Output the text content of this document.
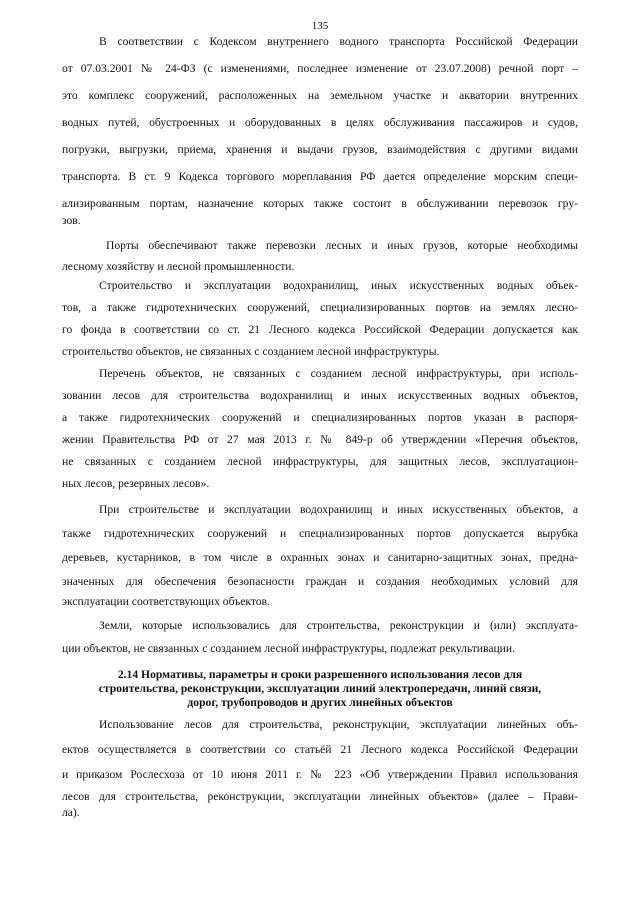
135
В соответствии с Кодексом внутреннего водного транспорта Российской Федерации
от 07.03.2001 № 24-ФЗ (с изменениями, последнее изменение от 23.07.2008) речной порт –
это комплекс сооружений, расположенных на земельном участке и акватории внутренних
водных путей, обустроенных и оборудованных в целях обслуживания пассажиров и судов,
погрузки, выгрузки, приема, хранения и выдачи грузов, взаимодействия с другими видами
транспорта. В ст. 9 Кодекса торгового мореплавания РФ дается определение морским специ-
ализированным портам, назначение которых также состоит в обслуживании перевозок гру-
зов.
Порты обеспечивают также перевозки лесных и иных грузов, которые необходимы
лесному хозяйству и лесной промышленности.
Строительство и эксплуатации водохранилищ, иных искусственных водных объек-
тов, а также гидротехнических сооружений, специализированных портов на землях лесно-
го фонда в соответствии со ст. 21 Лесного кодекса Российской Федерации допускается как
строительство объектов, не связанных с созданием лесной инфраструктуры.
Перечень объектов, не связанных с созданием лесной инфраструктуры, при исполь-
зовании лесов для строительства водохранилищ и иных искусственных водных объектов,
а также гидротехнических сооружений и специализированных портов указан в распоря-
жении Правительства РФ от 27 мая 2013 г. № 849-р об утверждении «Перечня объектов,
не связанных с созданием лесной инфраструктуры, для защитных лесов, эксплуатацион-
ных лесов, резервных лесов».
При строительстве и эксплуатации водохранилищ и иных искусственных объектов, а
также гидротехнических сооружений и специализированных портов допускается вырубка
деревьев, кустарников, в том числе в охранных зонах и санитарно-защитных зонах, предна-
значенных для обеспечения безопасности граждан и создания необходимых условий для
эксплуатации соответствующих объектов.
Земли, которые использовались для строительства, реконструкции и (или) эксплуата-
ции объектов, не связанных с созданием лесной инфраструктуры, подлежат рекультивации.
2.14 Нормативы, параметры и сроки разрешенного использования лесов для
строительства, реконструкции, эксплуатации линий электропередачи, линий связи,
дорог, трубопроводов и других линейных объектов
Использование лесов для строительства, реконструкции, эксплуатации линейных объ-
ектов осуществляется в соответствии со статьёй 21 Лесного кодекса Российской Федерации
и приказом Рослесхоза от 10 июня 2011 г. № 223 «Об утверждении Правил использования
лесов для строительства, реконструкции, эксплуатации линейных объектов» (далее – Прави-
ла).
